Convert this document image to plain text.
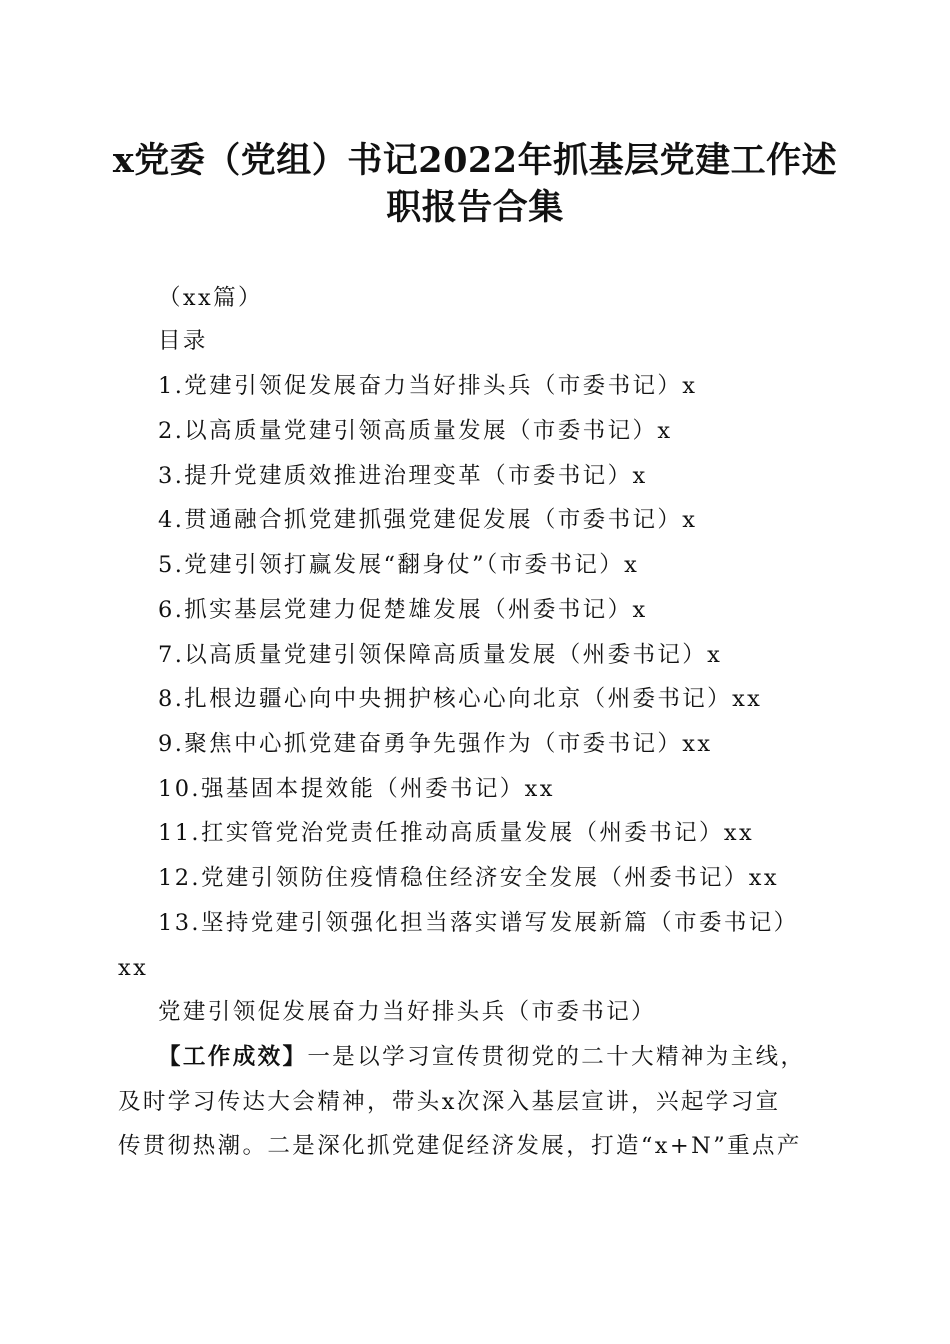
x党委（党组）书记2022年抓基层党建工作述
职报告合集
（xx篇）
目录
1.党建引领促发展奋力当好排头兵（市委书记）x
2.以高质量党建引领高质量发展（市委书记）x
3.提升党建质效推进治理变革（市委书记）x
4.贯通融合抓党建抓强党建促发展（市委书记）x
5.党建引领打赢发展“翻身仗”（市委书记）x
6.抓实基层党建力促楚雄发展（州委书记）x
7.以高质量党建引领保障高质量发展（州委书记）x
8.扎根边疆心向中央拥护核心心向北京（州委书记）xx
9.聚焦中心抓党建奋勇争先强作为（市委书记）xx
10.强基固本提效能（州委书记）xx
11.扛实管党治党责任推动高质量发展（州委书记）xx
12.党建引领防住疫情稳住经济安全发展（州委书记）xx
13.坚持党建引领强化担当落实谱写发展新篇（市委书记）
xx
党建引领促发展奋力当好排头兵（市委书记）
【工作成效】一是以学习宣传贯彻党的二十大精神为主线，
及时学习传达大会精神，带头x次深入基层宣讲，兴起学习宣
传贯彻热潮。二是深化抓党建促经济发展，打造“x+N”重点产
